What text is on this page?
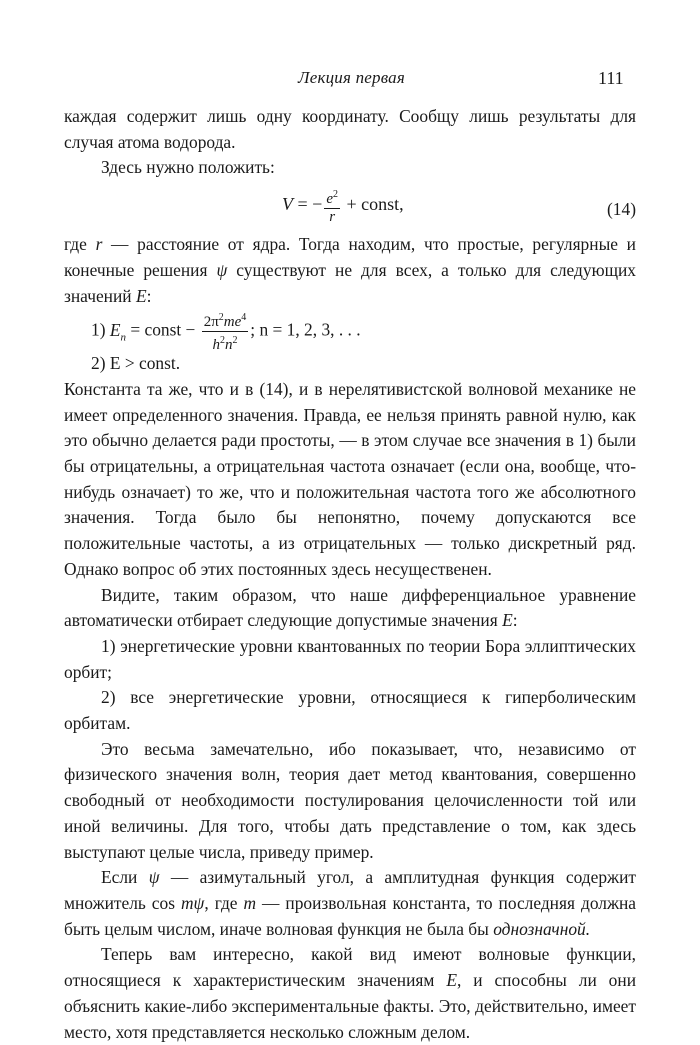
Лекция первая	111

каждая содержит лишь одну координату. Сообщу лишь результаты для случая атома водорода.

Здесь нужно положить:

V = − $\frac{e^2}{r}$ + const,	(14)

где r — расстояние от ядра. Тогда находим, что простые, регулярные и конечные решения ψ существуют не для всех, а только для следующих значений E:

1) $E_n$ = const − $\frac{2\pi^2me^4}{h^2n^2}$ ; n = 1, 2, 3, . . .

2) E > const.

Константа та же, что и в (14), и в нерелятивистской волновой механике не имеет определенного значения. Правда, ее нельзя принять равной нулю, как это обычно делается ради простоты, — в этом случае все значения в 1) были бы отрицательны, а отрицательная частота означает (если она, вообще, что-нибудь означает) то же, что и положительная частота того же абсолютного значения. Тогда было бы непонятно, почему допускаются все положительные частоты, а из отрицательных — только дискретный ряд. Однако вопрос об этих постоянных здесь несущественен.

Видите, таким образом, что наше дифференциальное уравнение автоматически отбирает следующие допустимые значения E:

1) энергетические уровни квантованных по теории Бора эллиптических орбит;

2) все энергетические уровни, относящиеся к гиперболическим орбитам.

Это весьма замечательно, ибо показывает, что, независимо от физического значения волн, теория дает метод квантования, совершенно свободный от необходимости постулирования целочисленности той или иной величины. Для того, чтобы дать представление о том, как здесь выступают целые числа, приведу пример.

Если ψ — азимутальный угол, а амплитудная функция содержит множитель cos mψ, где m — произвольная константа, то последняя должна быть целым числом, иначе волновая функция не была бы однозначной.

Теперь вам интересно, какой вид имеют волновые функции, относящиеся к характеристическим значениям E, и способны ли они объяснить какие-либо экспериментальные факты. Это, действительно, имеет место, хотя представляется несколько сложным делом.
